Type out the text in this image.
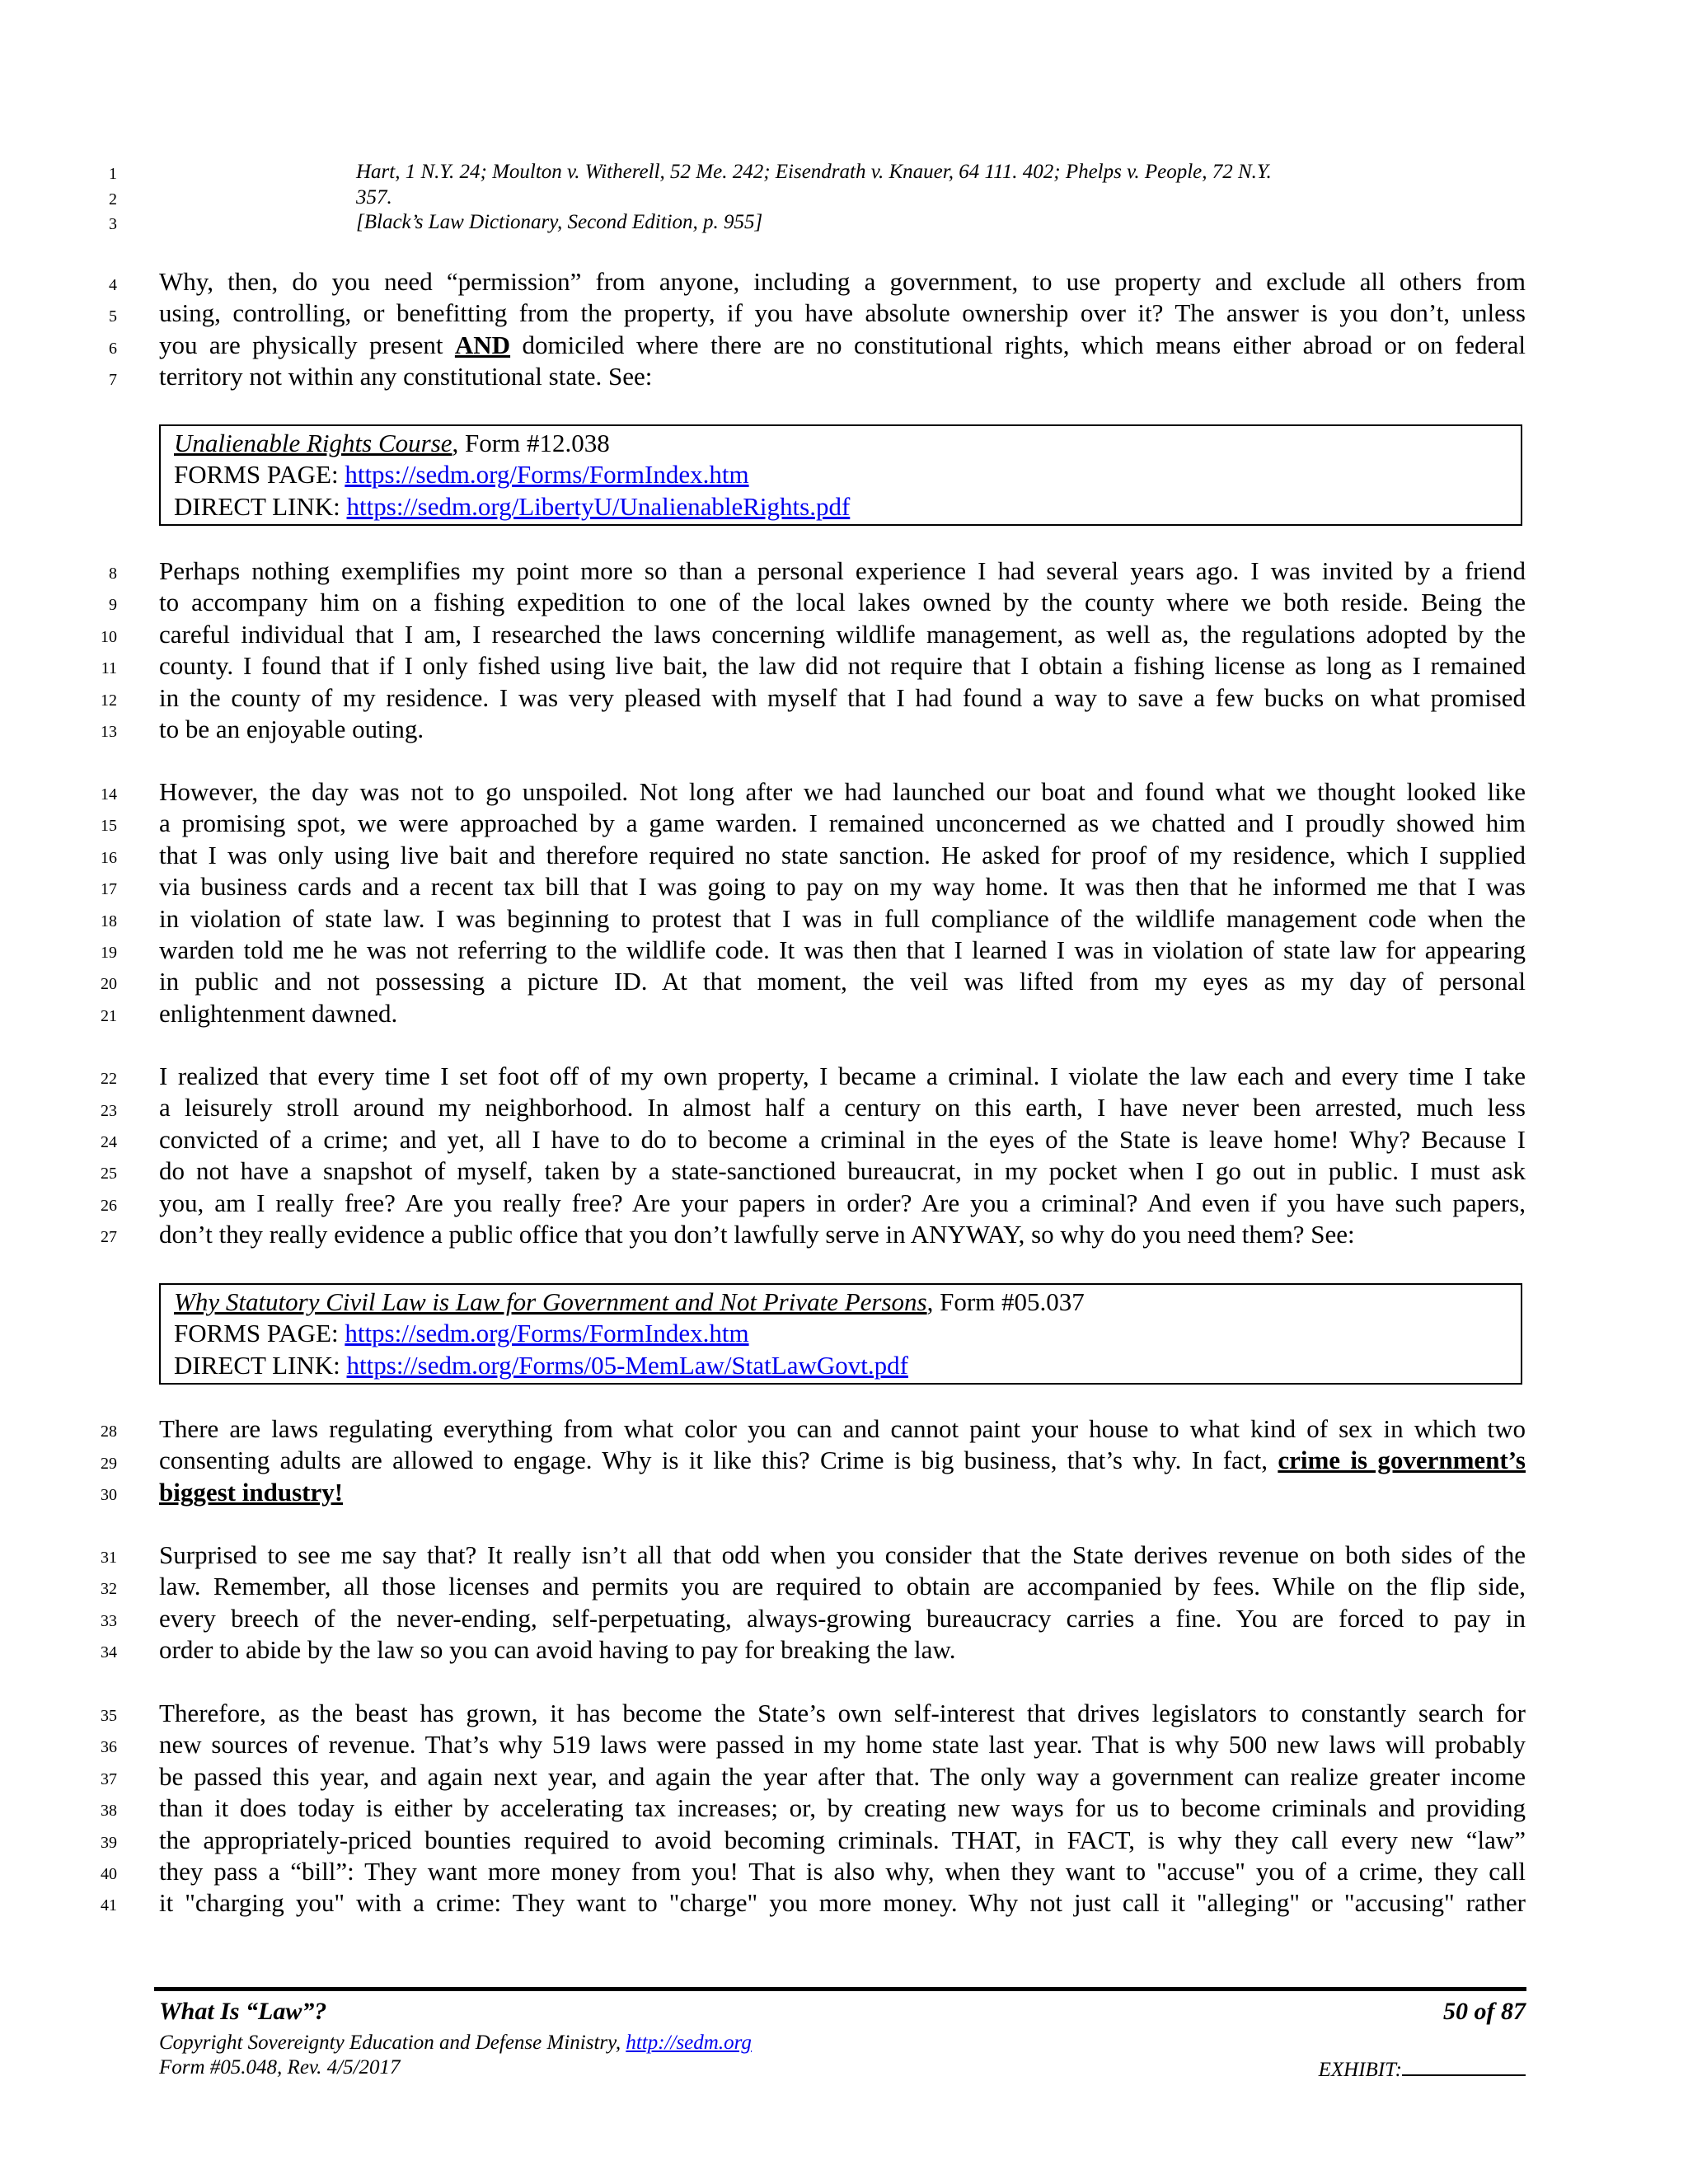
1
2
3
4
5
6
7
8
9
10
11
12
13
14
15
16
17
18
19
20
21
22
23
24
25
26
27
28
29
30
31
32
33
34
35
36
37
38
39
40
41
Hart, 1 N.Y. 24; Moulton v. Witherell, 52 Me. 242; Eisendrath v. Knauer, 64 111. 402; Phelps v. People, 72 N.Y.
357.
[Black’s Law Dictionary, Second Edition, p. 955]
Why, then, do you need “permission” from anyone, including a government, to use property and exclude all others from
using, controlling, or benefitting from the property, if you have absolute ownership over it? The answer is you don’t, unless
you are physically present AND domiciled where there are no constitutional rights, which means either abroad or on federal
territory not within any constitutional state. See:
Unalienable Rights Course, Form #12.038
FORMS PAGE: https://sedm.org/Forms/FormIndex.htm
DIRECT LINK: https://sedm.org/LibertyU/UnalienableRights.pdf
Perhaps nothing exemplifies my point more so than a personal experience I had several years ago. I was invited by a friend
to accompany him on a fishing expedition to one of the local lakes owned by the county where we both reside. Being the
careful individual that I am, I researched the laws concerning wildlife management, as well as, the regulations adopted by the
county. I found that if I only fished using live bait, the law did not require that I obtain a fishing license as long as I remained
in the county of my residence. I was very pleased with myself that I had found a way to save a few bucks on what promised
to be an enjoyable outing.
However, the day was not to go unspoiled. Not long after we had launched our boat and found what we thought looked like
a promising spot, we were approached by a game warden. I remained unconcerned as we chatted and I proudly showed him
that I was only using live bait and therefore required no state sanction. He asked for proof of my residence, which I supplied
via business cards and a recent tax bill that I was going to pay on my way home. It was then that he informed me that I was
in violation of state law. I was beginning to protest that I was in full compliance of the wildlife management code when the
warden told me he was not referring to the wildlife code. It was then that I learned I was in violation of state law for appearing
in public and not possessing a picture ID. At that moment, the veil was lifted from my eyes as my day of personal
enlightenment dawned.
I realized that every time I set foot off of my own property, I became a criminal. I violate the law each and every time I take
a leisurely stroll around my neighborhood. In almost half a century on this earth, I have never been arrested, much less
convicted of a crime; and yet, all I have to do to become a criminal in the eyes of the State is leave home! Why? Because I
do not have a snapshot of myself, taken by a state-sanctioned bureaucrat, in my pocket when I go out in public. I must ask
you, am I really free? Are you really free? Are your papers in order? Are you a criminal? And even if you have such papers,
don’t they really evidence a public office that you don’t lawfully serve in ANYWAY, so why do you need them? See:
Why Statutory Civil Law is Law for Government and Not Private Persons, Form #05.037
FORMS PAGE: https://sedm.org/Forms/FormIndex.htm
DIRECT LINK: https://sedm.org/Forms/05-MemLaw/StatLawGovt.pdf
There are laws regulating everything from what color you can and cannot paint your house to what kind of sex in which two
consenting adults are allowed to engage. Why is it like this? Crime is big business, that’s why. In fact, crime is government’s
biggest industry!
Surprised to see me say that? It really isn’t all that odd when you consider that the State derives revenue on both sides of the
law. Remember, all those licenses and permits you are required to obtain are accompanied by fees. While on the flip side,
every breech of the never-ending, self-perpetuating, always-growing bureaucracy carries a fine. You are forced to pay in
order to abide by the law so you can avoid having to pay for breaking the law.
Therefore, as the beast has grown, it has become the State’s own self-interest that drives legislators to constantly search for
new sources of revenue. That’s why 519 laws were passed in my home state last year. That is why 500 new laws will probably
be passed this year, and again next year, and again the year after that. The only way a government can realize greater income
than it does today is either by accelerating tax increases; or, by creating new ways for us to become criminals and providing
the appropriately-priced bounties required to avoid becoming criminals. THAT, in FACT, is why they call every new “law”
they pass a “bill”: They want more money from you! That is also why, when they want to "accuse" you of a crime, they call
it "charging you" with a crime: They want to "charge" you more money. Why not just call it "alleging" or "accusing" rather
What Is “Law”?	50 of 87
Copyright Sovereignty Education and Defense Ministry, http://sedm.org
Form #05.048, Rev. 4/5/2017	EXHIBIT:
